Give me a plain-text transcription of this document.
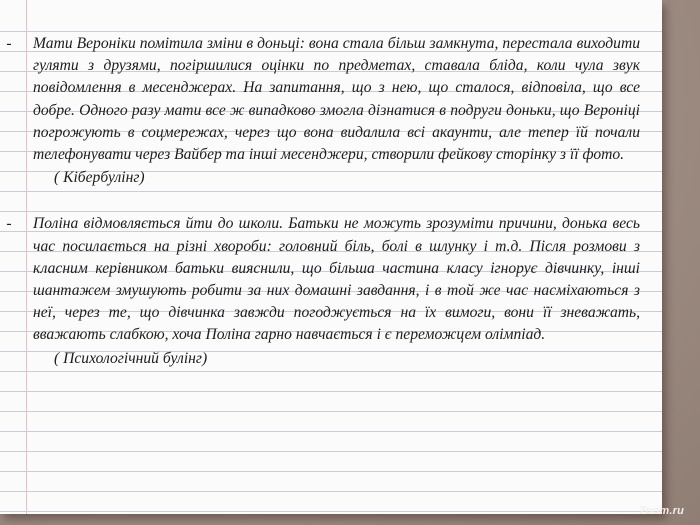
- Мати Вероніки помітила зміни в доньці: вона стала більш замкнута, перестала виходити гуляти з друзями, погіршилися оцінки по предметах, ставала бліда, коли чула звук повідомлення в месенджерах. На запитання, що з нею, що сталося, відповіла, що все добре. Одного разу мати все ж випадково змогла дізнатися в подруги доньки, що Вероніці погрожують в соцмережах, через що вона видалила всі акаунти, але тепер їй почали телефонувати через Вайбер та інші месенджери, створили фейкову сторінку з її фото.
( Кібербулінг)
- Поліна відмовляється йти до школи. Батьки не можуть зрозуміти причини, донька весь час посилається на різні хвороби: головний біль, болі в шлунку і т.д. Після розмови з класним керівником батьки вияснили, що більша частина класу ігнорує дівчинку, інші шантажем змушують робити за них домашні завдання, і в той же час насміхаються з неї, через те, що дівчинка завжди погоджується на їх вимоги, вони її зневажать, вважають слабкою, хоча Поліна гарно навчається і є переможцем олімпіад.
( Психологічний булінг)
7oom.ru
